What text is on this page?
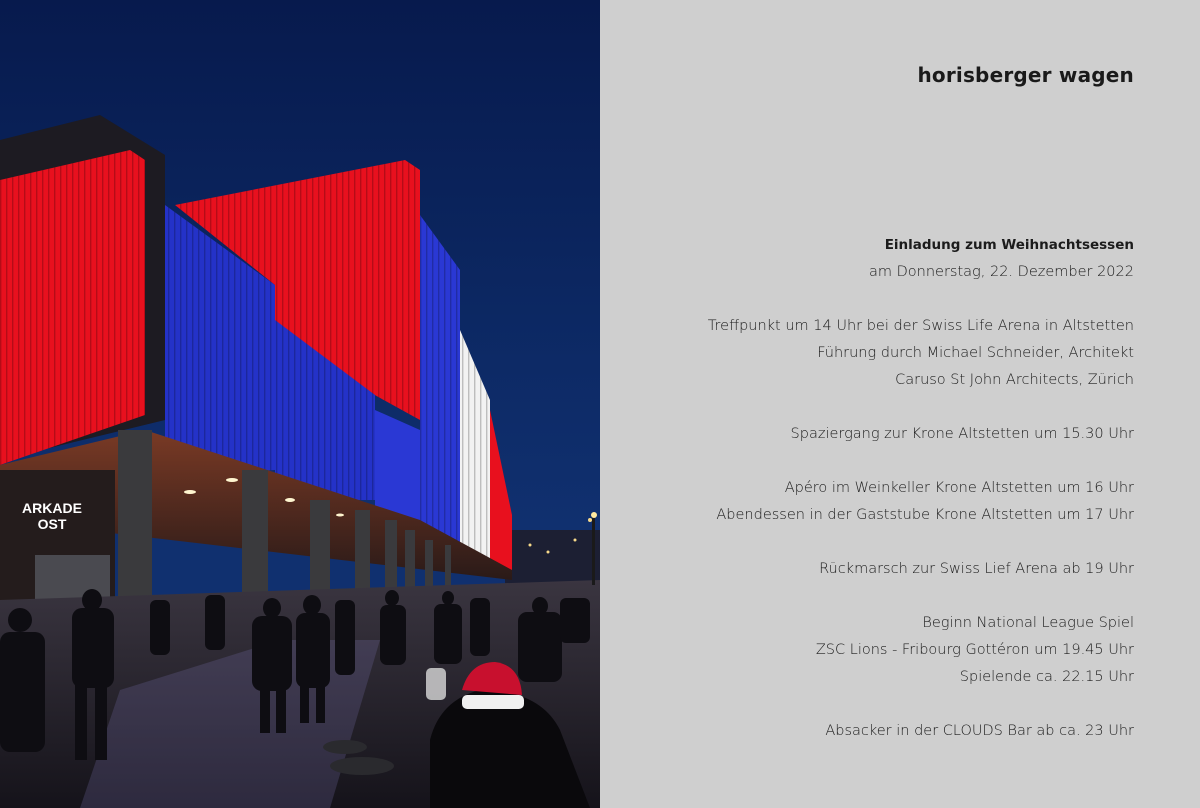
ARKADE
OST
horisberger wagen
Einladung zum Weihnachtsessen
am Donnerstag, 22. Dezember 2022
Treffpunkt um 14 Uhr bei der Swiss Life Arena in Altstetten
Führung durch Michael Schneider, Architekt
Caruso St John Architects, Zürich
Spaziergang zur Krone Altstetten um 15.30 Uhr
Apéro im Weinkeller Krone Altstetten um 16 Uhr
Abendessen in der Gaststube Krone Altstetten um 17 Uhr
Rückmarsch zur Swiss Lief Arena ab 19 Uhr
Beginn National League Spiel
ZSC Lions - Fribourg Gottéron um 19.45 Uhr
Spielende ca. 22.15 Uhr
Absacker in der CLOUDS Bar ab ca. 23 Uhr
